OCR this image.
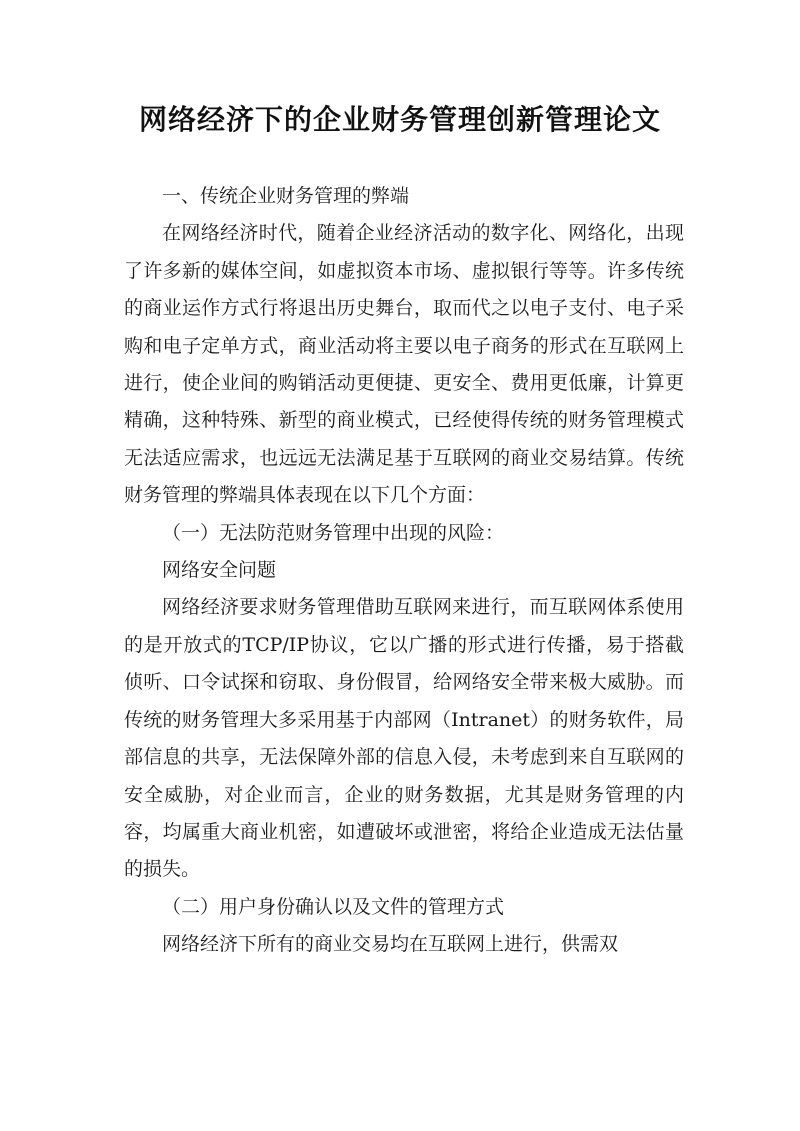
网络经济下的企业财务管理创新管理论文

一、传统企业财务管理的弊端

在网络经济时代，随着企业经济活动的数字化、网络化，出现了许多新的媒体空间，如虚拟资本市场、虚拟银行等等。许多传统的商业运作方式行将退出历史舞台，取而代之以电子支付、电子采购和电子定单方式，商业活动将主要以电子商务的形式在互联网上进行，使企业间的购销活动更便捷、更安全、费用更低廉，计算更精确，这种特殊、新型的商业模式，已经使得传统的财务管理模式无法适应需求，也远远无法满足基于互联网的商业交易结算。传统财务管理的弊端具体表现在以下几个方面：

（一）无法防范财务管理中出现的风险：

网络安全问题

网络经济要求财务管理借助互联网来进行，而互联网体系使用的是开放式的TCP/IP协议，它以广播的形式进行传播，易于搭截侦听、口令试探和窃取、身份假冒，给网络安全带来极大威胁。而传统的财务管理大多采用基于内部网（Intranet）的财务软件，局部信息的共享，无法保障外部的信息入侵，未考虑到来自互联网的安全威胁，对企业而言，企业的财务数据，尤其是财务管理的内容，均属重大商业机密，如遭破坏或泄密，将给企业造成无法估量的损失。

（二）用户身份确认以及文件的管理方式

网络经济下所有的商业交易均在互联网上进行，供需双
